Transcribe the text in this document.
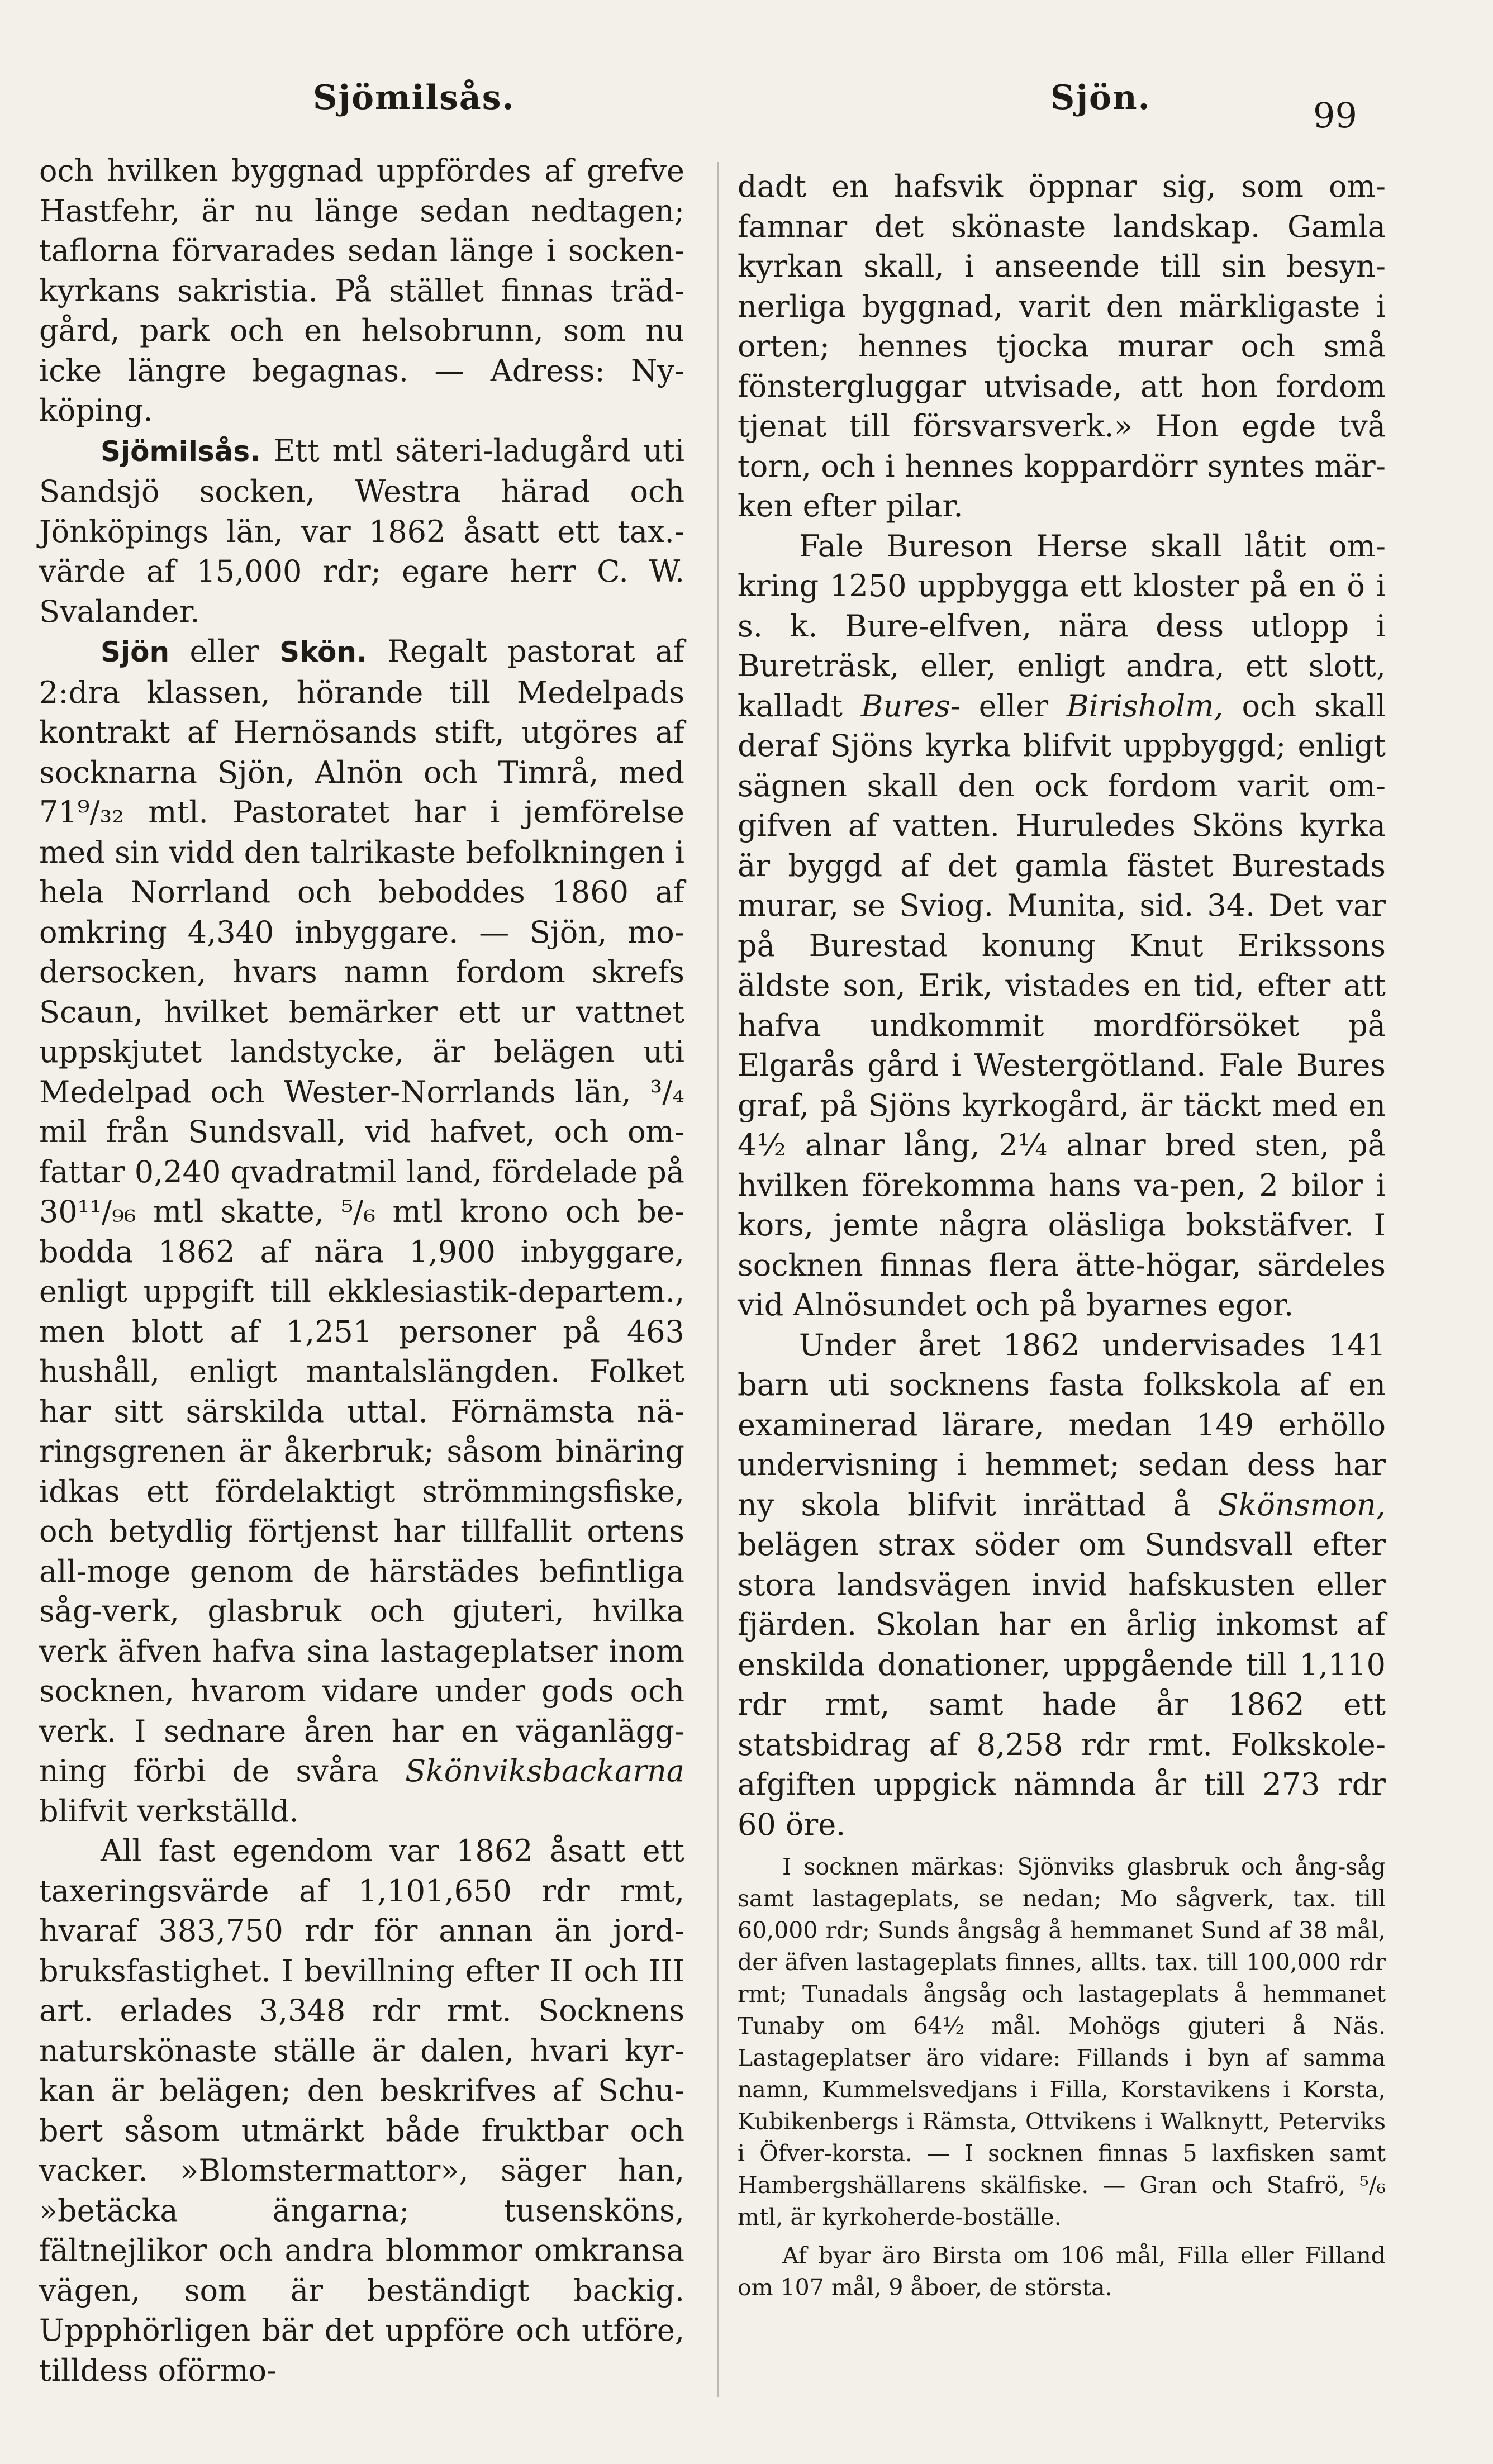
Sjömilsås.	Sjön.	99

och hvilken byggnad uppfördes af grefve Hastfehr, är nu länge sedan nedtagen; taflorna förvarades sedan länge i socken-kyrkans sakristia. På stället finnas träd-gård, park och en helsobrunn, som nu icke längre begagnas. — Adress: Ny-köping.

Sjömilsås. Ett mtl säteri-ladugård uti Sandsjö socken, Westra härad och Jönköpings län, var 1862 åsatt ett tax.-värde af 15,000 rdr; egare herr C. W. Svalander.

Sjön eller Skön. Regalt pastorat af 2:dra klassen, hörande till Medelpads kontrakt af Hernösands stift, utgöres af socknarna Sjön, Alnön och Timrå, med 71⁹/₃₂ mtl. Pastoratet har i jemförelse med sin vidd den talrikaste befolkningen i hela Norrland och beboddes 1860 af omkring 4,340 inbyggare. — Sjön, mo-dersocken, hvars namn fordom skrefs Scaun, hvilket bemärker ett ur vattnet uppskjutet landstycke, är belägen uti Medelpad och Wester-Norrlands län, ³/₄ mil från Sundsvall, vid hafvet, och om-fattar 0,240 qvadratmil land, fördelade på 30¹¹/₉₆ mtl skatte, ⁵/₆ mtl krono och be-bodda 1862 af nära 1,900 inbyggare, enligt uppgift till ekklesiastik-departem., men blott af 1,251 personer på 463 hushåll, enligt mantalslängden. Folket har sitt särskilda uttal. Förnämsta nä-ringsgrenen är åkerbruk; såsom binäring idkas ett fördelaktigt strömmingsfiske, och betydlig förtjenst har tillfallit ortens all-moge genom de härstädes befintliga såg-verk, glasbruk och gjuteri, hvilka verk äfven hafva sina lastageplatser inom socknen, hvarom vidare under gods och verk. I sednare åren har en väganlägg-ning förbi de svåra Skönviksbackarna blifvit verkställd.

All fast egendom var 1862 åsatt ett taxeringsvärde af 1,101,650 rdr rmt, hvaraf 383,750 rdr för annan än jord-bruksfastighet. I bevillning efter II och III art. erlades 3,348 rdr rmt. Socknens naturskönaste ställe är dalen, hvari kyr-kan är belägen; den beskrifves af Schu-bert såsom utmärkt både fruktbar och vacker. »Blomstermattor», säger han, »betäcka ängarna; tusensköns, fältnejlikor och andra blommor omkransa vägen, som är beständigt backig. Uppphörligen bär det uppföre och utföre, tilldess oförmo-

dadt en hafsvik öppnar sig, som om-famnar det skönaste landskap. Gamla kyrkan skall, i anseende till sin besyn-nerliga byggnad, varit den märkligaste i orten; hennes tjocka murar och små fönstergluggar utvisade, att hon fordom tjenat till försvarsverk.» Hon egde två torn, och i hennes koppardörr syntes mär-ken efter pilar.

Fale Bureson Herse skall låtit om-kring 1250 uppbygga ett kloster på en ö i s. k. Bure-elfven, nära dess utlopp i Bureträsk, eller, enligt andra, ett slott, kalladt Bures- eller Birisholm, och skall deraf Sjöns kyrka blifvit uppbyggd; enligt sägnen skall den ock fordom varit om-gifven af vatten. Huruledes Sköns kyrka är byggd af det gamla fästet Burestads murar, se Sviog. Munita, sid. 34. Det var på Burestad konung Knut Erikssons äldste son, Erik, vistades en tid, efter att hafva undkommit mordförsöket på Elgarås gård i Westergötland. Fale Bures graf, på Sjöns kyrkogård, är täckt med en 4½ alnar lång, 2¼ alnar bred sten, på hvilken förekomma hans va-pen, 2 bilor i kors, jemte några oläsliga bokstäfver. I socknen finnas flera ätte-högar, särdeles vid Alnösundet och på byarnes egor.

Under året 1862 undervisades 141 barn uti socknens fasta folkskola af en examinerad lärare, medan 149 erhöllo undervisning i hemmet; sedan dess har ny skola blifvit inrättad å Skönsmon, belägen strax söder om Sundsvall efter stora landsvägen invid hafskusten eller fjärden. Skolan har en årlig inkomst af enskilda donationer, uppgående till 1,110 rdr rmt, samt hade år 1862 ett statsbidrag af 8,258 rdr rmt. Folkskole-afgiften uppgick nämnda år till 273 rdr 60 öre.

I socknen märkas: Sjönviks glasbruk och ång-såg samt lastageplats, se nedan; Mo sågverk, tax. till 60,000 rdr; Sunds ångsåg å hemmanet Sund af 38 mål, der äfven lastageplats finnes, allts. tax. till 100,000 rdr rmt; Tunadals ångsåg och lastageplats å hemmanet Tunaby om 64½ mål. Mohögs gjuteri å Näs. Lastageplatser äro vidare: Fillands i byn af samma namn, Kummelsvedjans i Filla, Korstavikens i Korsta, Kubikenbergs i Rämsta, Ottvikens i Walknytt, Peterviks i Öfver-korsta. — I socknen finnas 5 laxfisken samt Hambergshällarens skälfiske. — Gran och Stafrö, ⁵/₆ mtl, är kyrkoherde-boställe.

Af byar äro Birsta om 106 mål, Filla eller Filland om 107 mål, 9 åboer, de största.
